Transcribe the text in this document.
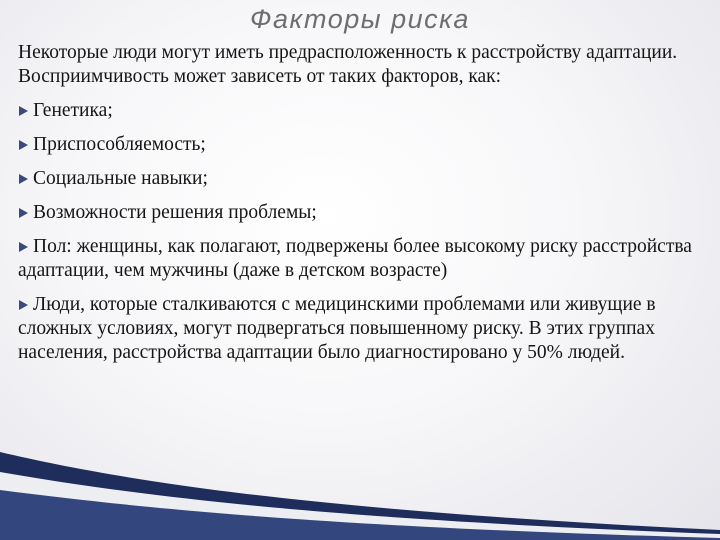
Факторы риска

Некоторые люди могут иметь предрасположенность к расстройству адаптации. Восприимчивость может зависеть от таких факторов, как:

Генетика;
Приспособляемость;
Социальные навыки;
Возможности решения проблемы;
Пол: женщины, как полагают, подвержены более высокому риску расстройства адаптации, чем мужчины (даже в детском возрасте)
Люди, которые сталкиваются с медицинскими проблемами или живущие в сложных условиях, могут подвергаться повышенному риску. В этих группах населения, расстройства адаптации было диагностировано у 50% людей.
